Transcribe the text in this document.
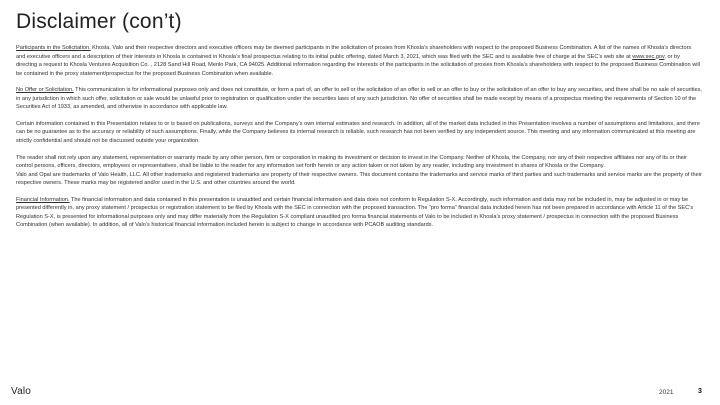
Disclaimer (con’t)

Participants in the Solicitation. Khosla, Valo and their respective directors and executive officers may be deemed participants in the solicitation of proxies from Khosla’s shareholders with respect to the proposed Business Combination. A list of the names of Khosla’s directors and executive officers and a description of their interests in Khosla is contained in Khosla’s final prospectus relating to its initial public offering, dated March 3, 2021, which was filed with the SEC and is available free of charge at the SEC’s web site at www.sec.gov, or by directing a request to Khosla Ventures Acquisition Co. , 2128 Sand Hill Road, Menlo Park, CA 94025. Additional information regarding the interests of the participants in the solicitation of proxies from Khosla’s shareholders with respect to the proposed Business Combination will be contained in the proxy statement/prospectus for the proposed Business Combination when available.

No Offer or Solicitation. This communication is for informational purposes only and does not constitute, or form a part of, an offer to sell or the solicitation of an offer to sell or an offer to buy or the solicitation of an offer to buy any securities, and there shall be no sale of securities, in any jurisdiction in which such offer, solicitation or sale would be unlawful prior to registration or qualification under the securities laws of any such jurisdiction. No offer of securities shall be made except by means of a prospectus meeting the requirements of Section 10 of the Securities Act of 1933, as amended, and otherwise in accordance with applicable law.

Certain information contained in this Presentation relates to or is based on publications, surveys and the Company’s own internal estimates and research. In addition, all of the market data included in this Presentation involves a number of assumptions and limitations, and there can be no guarantee as to the accuracy or reliability of such assumptions. Finally, while the Company believes its internal research is reliable, such research has not been verified by any independent source. This meeting and any information communicated at this meeting are strictly confidential and should not be discussed outside your organization.

The reader shall not rely upon any statement, representation or warranty made by any other person, firm or corporation in making its investment or decision to invest in the Company. Neither of Khosla, the Company, nor any of their respective affiliates nor any of its or their control persons, officers, directors, employees or representatives, shall be liable to the reader for any information set forth herein or any action taken or not taken by any reader, including any investment in shares of Khosla or the Company.

Valo and Opal are trademarks of Valo Health, LLC. All other trademarks and registered trademarks are property of their respective owners. This document contains the trademarks and service marks of third parties and such trademarks and service marks are the property of their respective owners. These marks may be registered and/or used in the U.S. and other countries around the world.

Financial Information. The financial information and data contained in this presentation is unaudited and certain financial information and data does not conform to Regulation S-X. Accordingly, such information and data may not be included in, may be adjusted in or may be presented differently in, any proxy statement / prospectus or registration statement to be filed by Khosla with the SEC in connection with the proposed transaction. The “pro forma” financial data included herein has not been prepared in accordance with Article 11 of the SEC’s Regulation S-X, is presented for informational purposes only and may differ materially from the Regulation S-X compliant unaudited pro forma financial statements of Valo to be included in Khosla’s proxy statement / prospectus in connection with the proposed Business Combination (when available). In addition, all of Valo’s historical financial information included herein is subject to change in accordance with PCAOB auditing standards.

Valo	2021	3
